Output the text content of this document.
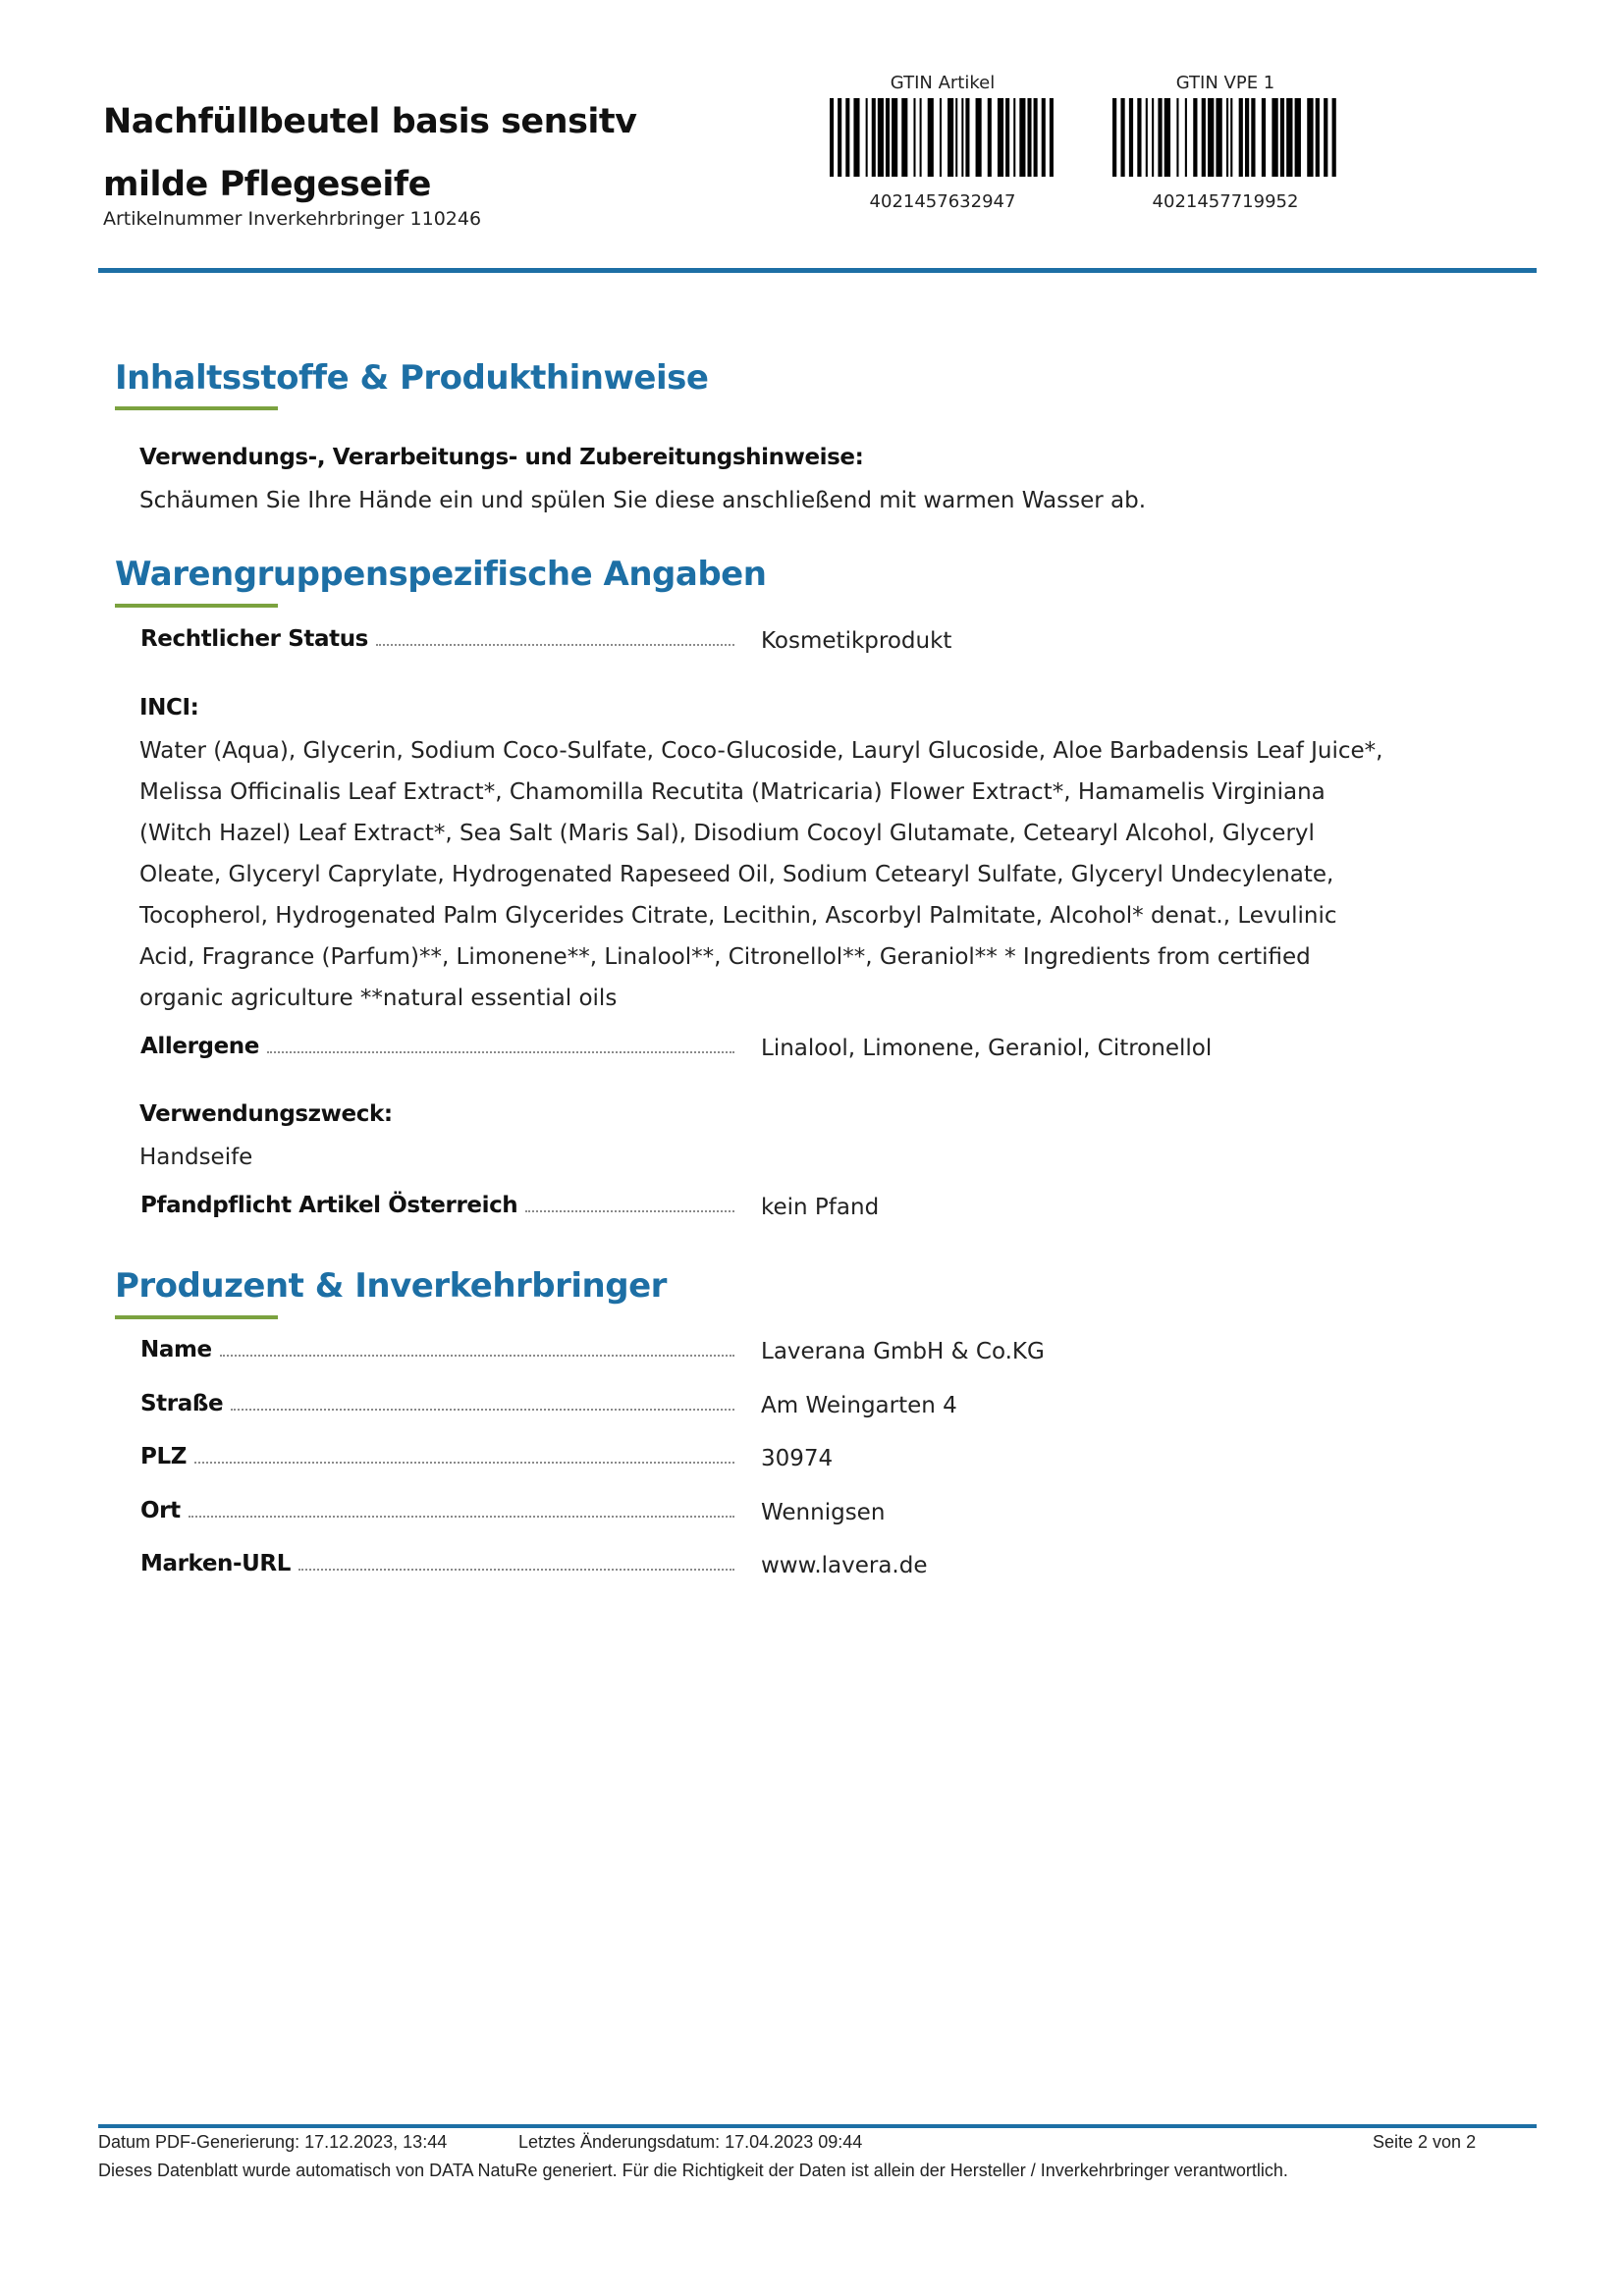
Nachfüllbeutel basis sensitv milde Pflegeseife
Artikelnummer Inverkehrbringer 110246
GTIN Artikel
4021457632947
GTIN VPE 1
4021457719952
Inhaltsstoffe & Produkthinweise
Verwendungs-, Verarbeitungs- und Zubereitungshinweise:
Schäumen Sie Ihre Hände ein und spülen Sie diese anschließend mit warmen Wasser ab.
Warengruppenspezifische Angaben
Rechtlicher Status	Kosmetikprodukt
INCI:
Water (Aqua), Glycerin, Sodium Coco-Sulfate, Coco-Glucoside, Lauryl Glucoside, Aloe Barbadensis Leaf Juice*,
Melissa Officinalis Leaf Extract*, Chamomilla Recutita (Matricaria) Flower Extract*, Hamamelis Virginiana
(Witch Hazel) Leaf Extract*, Sea Salt (Maris Sal), Disodium Cocoyl Glutamate, Cetearyl Alcohol, Glyceryl
Oleate, Glyceryl Caprylate, Hydrogenated Rapeseed Oil, Sodium Cetearyl Sulfate, Glyceryl Undecylenate,
Tocopherol, Hydrogenated Palm Glycerides Citrate, Lecithin, Ascorbyl Palmitate, Alcohol* denat., Levulinic
Acid, Fragrance (Parfum)**, Limonene**, Linalool**, Citronellol**, Geraniol** * Ingredients from certified
organic agriculture **natural essential oils
Allergene	Linalool, Limonene, Geraniol, Citronellol
Verwendungszweck:
Handseife
Pfandpflicht Artikel Österreich	kein Pfand
Produzent & Inverkehrbringer
Name	Laverana GmbH & Co.KG
Straße	Am Weingarten 4
PLZ	30974
Ort	Wennigsen
Marken-URL	www.lavera.de
Datum PDF-Generierung: 17.12.2023, 13:44	Letztes Änderungsdatum: 17.04.2023 09:44	Seite 2 von 2
Dieses Datenblatt wurde automatisch von DATA NatuRe generiert. Für die Richtigkeit der Daten ist allein der Hersteller / Inverkehrbringer verantwortlich.
